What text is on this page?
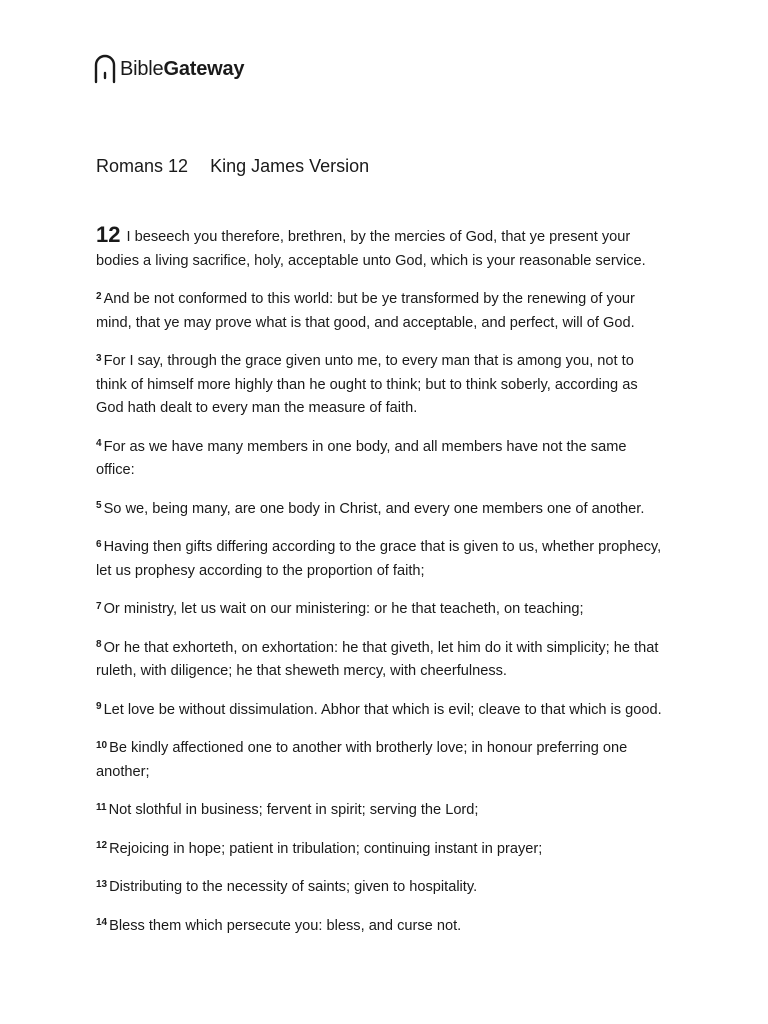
BibleGateway
Romans 12 King James Version

12 I beseech you therefore, brethren, by the mercies of God, that ye present your bodies a living sacrifice, holy, acceptable unto God, which is your reasonable service.

$^2$ And be not conformed to this world: but be ye transformed by the renewing of your mind, that ye may prove what is that good, and acceptable, and perfect, will of God.

$^3$ For I say, through the grace given unto me, to every man that is among you, not to think of himself more highly than he ought to think; but to think soberly, according as God hath dealt to every man the measure of faith.

$^4$ For as we have many members in one body, and all members have not the same office:

$^5$ So we, being many, are one body in Christ, and every one members one of another.

$^6$ Having then gifts differing according to the grace that is given to us, whether prophecy, let us prophesy according to the proportion of faith;

$^7$ Or ministry, let us wait on our ministering: or he that teacheth, on teaching;

$^8$ Or he that exhorteth, on exhortation: he that giveth, let him do it with simplicity; he that ruleth, with diligence; he that sheweth mercy, with cheerfulness.

$^9$ Let love be without dissimulation. Abhor that which is evil; cleave to that which is good.

$^{10}$ Be kindly affectioned one to another with brotherly love; in honour preferring one another;

$^{11}$ Not slothful in business; fervent in spirit; serving the Lord;

$^{12}$ Rejoicing in hope; patient in tribulation; continuing instant in prayer;

$^{13}$ Distributing to the necessity of saints; given to hospitality.

$^{14}$ Bless them which persecute you: bless, and curse not.
